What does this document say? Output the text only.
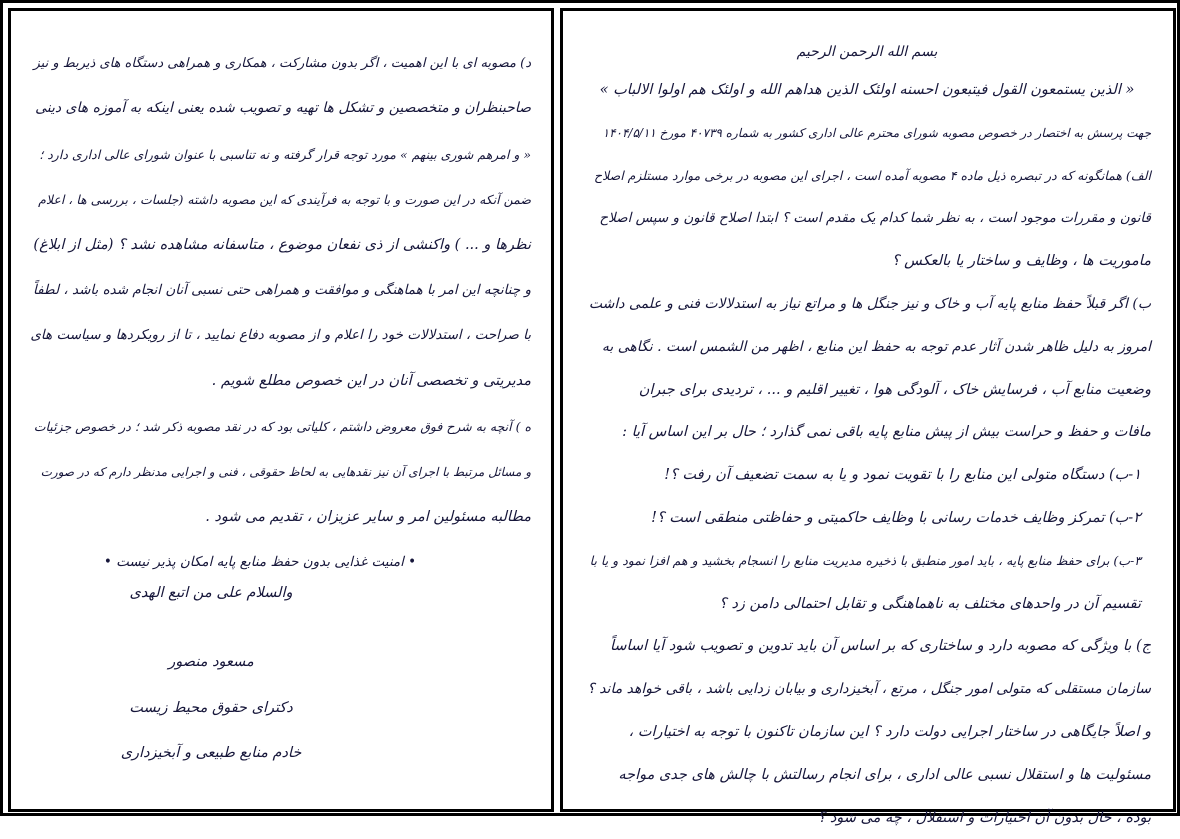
د) مصوبه ای با این اهمیت ، اگر بدون مشارکت ، همکاری و همراهی دستگاه های ذیربط و نیز

صاحبنظران و متخصصین و تشکل ها تهیه و تصویب شده یعنی اینکه به آموزه های دینی

« و امرهم شوری بینهم » مورد توجه قرار گرفته و نه تناسبی با عنوان شورای عالی اداری دارد ؛

ضمن آنکه در این صورت و با توجه به فرآیندی که این مصوبه داشته (جلسات ، بررسی ها ، اعلام

نظرها و ... ) واکنشی از ذی نفعان موضوع ، متاسفانه مشاهده نشد ؟ (مثل از ابلاغ)

و چنانچه این امر با هماهنگی و موافقت و همراهی حتی نسبی آنان انجام شده باشد ، لطفاً

با صراحت ، استدلالات خود را اعلام و از مصوبه دفاع نمایید ، تا از رویکردها و سیاست های

مدیریتی و تخصصی آنان در این خصوص مطلع شویم .

ه ) آنچه به شرح فوق معروض داشتم ، کلیاتی بود که در نقد مصوبه ذکر شد ؛ در خصوص جزئیات

و مسائل مرتبط با اجرای آن نیز نقدهایی به لحاظ حقوقی ، فنی و اجرایی مدنظر دارم که در صورت

مطالبه مسئولین امر و سایر عزیزان ، تقدیم می شود .

• امنیت غذایی بدون حفظ منابع پایه امکان پذیر نیست •

والسلام علی من اتبع الهدی

مسعود منصور

دکترای حقوق محیط زیست

خادم منابع طبیعی و آبخیزداری

بسم الله الرحمن الرحیم

« الذین یستمعون القول فیتبعون احسنه اولئک الذین هداهم الله و اولئک هم اولوا الالباب »

جهت پرسش به اختصار در خصوص مصوبه شورای محترم عالی اداری کشور به شماره ۴۰۷۳۹ مورخ ۱۴۰۴/۵/۱۱

الف) همانگونه که در تبصره ذیل ماده ۴ مصوبه آمده است ، اجرای این مصوبه در برخی موارد مستلزم اصلاح

قانون و مقررات موجود است ، به نظر شما کدام یک مقدم است ؟ ابتدا اصلاح قانون و سپس اصلاح

ماموریت ها ، وظایف و ساختار یا بالعکس ؟

ب) اگر قبلاً حفظ منابع پایه آب و خاک و نیز جنگل ها و مراتع نیاز به استدلالات فنی و علمی داشت

امروز به دلیل ظاهر شدن آثار عدم توجه به حفظ این منابع ، اظهر من الشمس است . نگاهی به

وضعیت منابع آب ، فرسایش خاک ، آلودگی هوا ، تغییر اقلیم و ... ، تردیدی برای جبران

مافات و حفظ و حراست بیش از پیش منابع پایه باقی نمی گذارد ؛ حال بر این اساس آیا :

۱-ب) دستگاه متولی این منابع را با تقویت نمود و یا به سمت تضعیف آن رفت ؟!

۲-ب) تمرکز وظایف خدمات رسانی با وظایف حاکمیتی و حفاظتی منطقی است ؟!

۳-ب) برای حفظ منابع پایه ، باید امور منطبق با ذخیره مدیریت منابع را انسجام بخشید و هم افزا نمود و یا با

تقسیم آن در واحدهای مختلف به ناهماهنگی و تقابل احتمالی دامن زد ؟

ج) با ویژگی که مصوبه دارد و ساختاری که بر اساس آن باید تدوین و تصویب شود آیا اساساً

سازمان مستقلی که متولی امور جنگل ، مرتع ، آبخیزداری و بیابان زدایی باشد ، باقی خواهد ماند ؟

و اصلاً جایگاهی در ساختار اجرایی دولت دارد ؟ این سازمان تاکنون با توجه به اختیارات ،

مسئولیت ها و استقلال نسبی عالی اداری ، برای انجام رسالتش با چالش های جدی مواجه

بوده ، حال بدون آن اختیارات و استقلال ، چه می شود ؟
